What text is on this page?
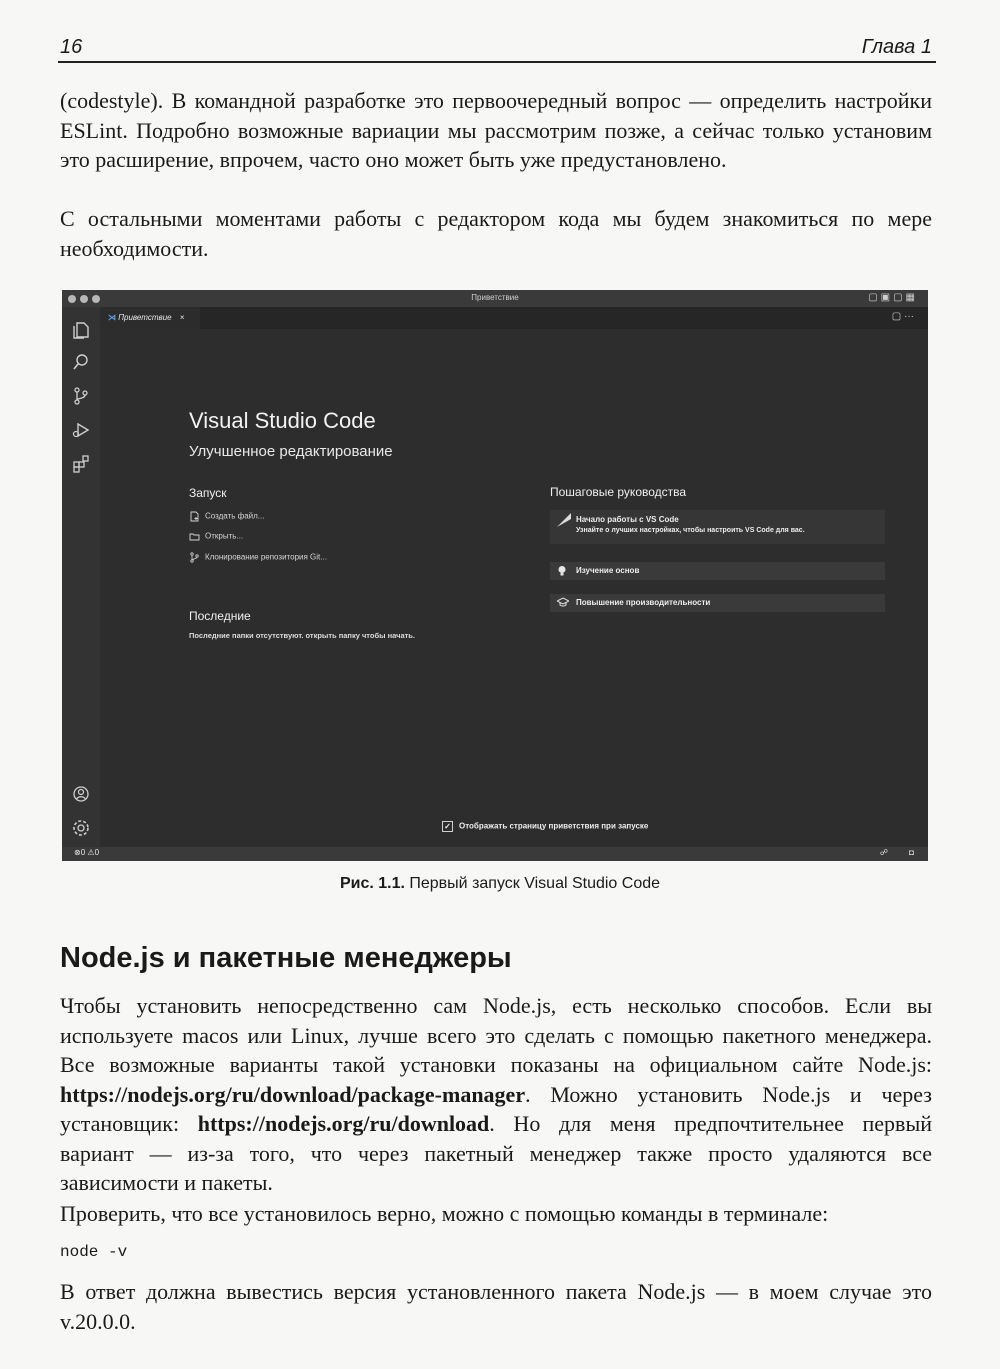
16	Глава 1

(codestyle). В командной разработке это первоочередный вопрос — определить настройки ESLint. Подробно возможные вариации мы рассмотрим позже, а сейчас только установим это расширение, впрочем, часто оно может быть уже предустановлено.

С остальными моментами работы с редактором кода мы будем знакомиться по мере необходимости.

Приветствие	▢▣▢▦
⋊ Приветствие ×	▢ ···
Visual Studio Code
Улучшенное редактирование
Запуск
Создать файл...
Открыть...
Клонирование репозитория Git...
Последние
Последние папки отсутствуют. открыть папку чтобы начать.
Пошаговые руководства
Начало работы с VS Code
Узнайте о лучших настройках, чтобы настроить VS Code для вас.
Изучение основ
Повышение производительности
✓ Отображать страницу приветствия при запуске
⊗0 ⚠0	☍	◘
Рис. 1.1. Первый запуск Visual Studio Code
Node.js и пакетные менеджеры

Чтобы установить непосредственно сам Node.js, есть несколько способов. Если вы используете macos или Linux, лучше всего это сделать с помощью пакетного менеджера. Все возможные варианты такой установки показаны на официальном сайте Node.js: https://nodejs.org/ru/download/package-manager. Можно установить Node.js и через установщик: https://nodejs.org/ru/download. Но для меня предпочтительнее первый вариант — из-за того, что через пакетный менеджер также просто удаляются все зависимости и пакеты.

Проверить, что все установилось верно, можно с помощью команды в терминале:

node -v

В ответ должна вывестись версия установленного пакета Node.js — в моем случае это v.20.0.0.
